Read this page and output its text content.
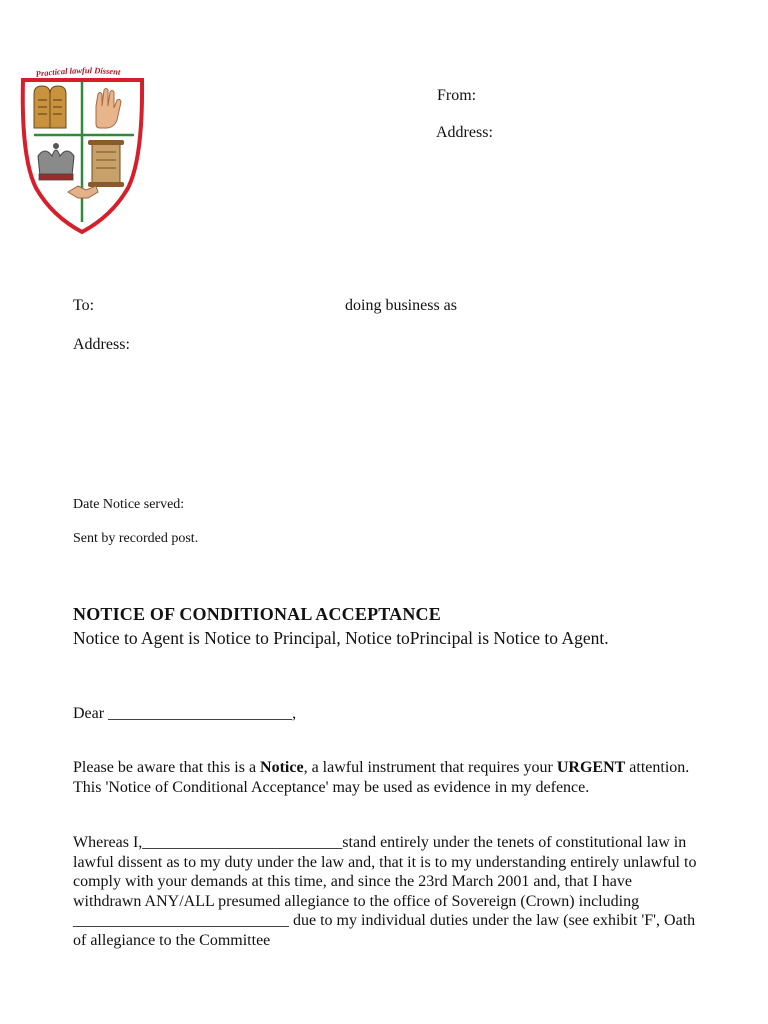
Practical lawful Dissent
From:
Address:
To:	doing business as
Address:
Date Notice served:
Sent by recorded post.
NOTICE OF CONDITIONAL ACCEPTANCE
Notice to Agent is Notice to Principal, Notice toPrincipal is Notice to Agent.
Dear _______________________,
Please be aware that this is a Notice, a lawful instrument that requires your URGENT attention. This 'Notice of Conditional Acceptance' may be used as evidence in my defence.
Whereas I,_________________________stand entirely under the tenets of constitutional law in lawful dissent as to my duty under the law and, that it is to my understanding entirely unlawful to comply with your demands at this time, and since the 23rd March 2001 and, that I have withdrawn ANY/ALL presumed allegiance to the office of Sovereign (Crown) including ___________________________ due to my individual duties under the law (see exhibit 'F', Oath of allegiance to the Committee
